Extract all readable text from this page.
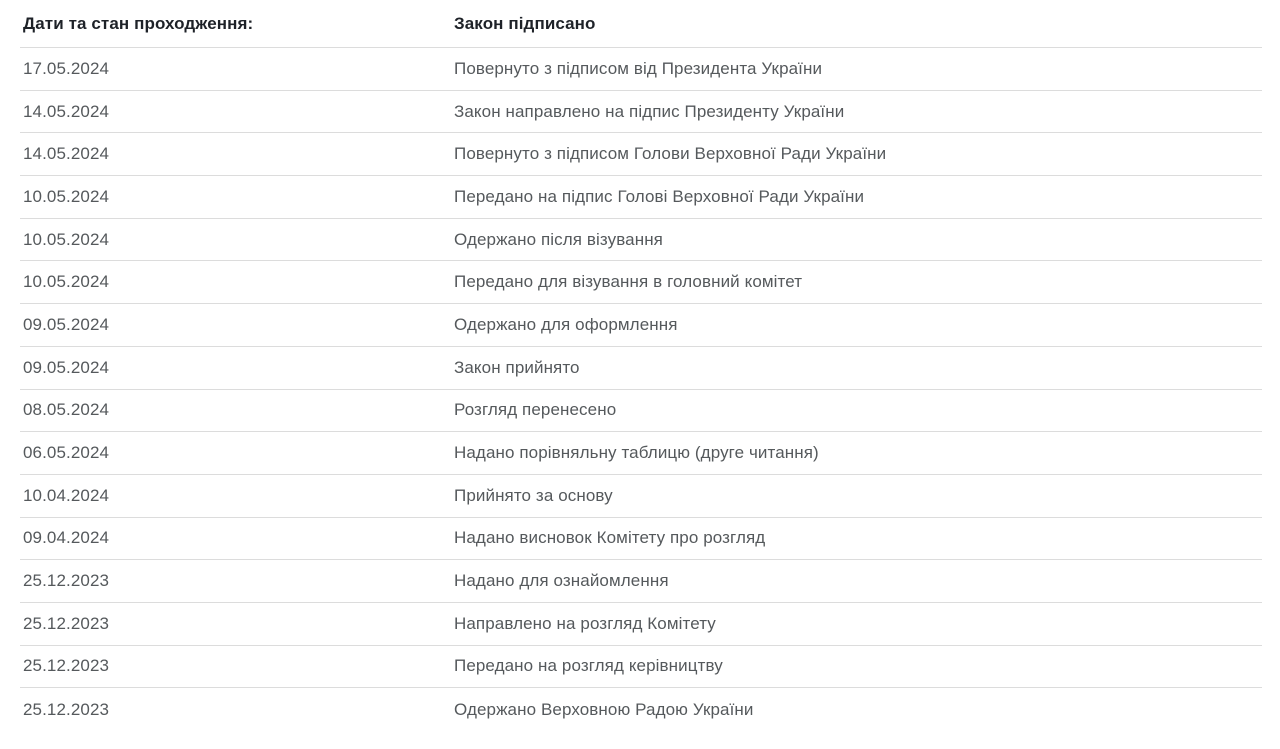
Дати та стан проходження:	Закон підписано
17.05.2024	Повернуто з підписом від Президента України
14.05.2024	Закон направлено на підпис Президенту України
14.05.2024	Повернуто з підписом Голови Верховної Ради України
10.05.2024	Передано на підпис Голові Верховної Ради України
10.05.2024	Одержано після візування
10.05.2024	Передано для візування в головний комітет
09.05.2024	Одержано для оформлення
09.05.2024	Закон прийнято
08.05.2024	Розгляд перенесено
06.05.2024	Надано порівняльну таблицю (друге читання)
10.04.2024	Прийнято за основу
09.04.2024	Надано висновок Комітету про розгляд
25.12.2023	Надано для ознайомлення
25.12.2023	Направлено на розгляд Комітету
25.12.2023	Передано на розгляд керівництву
25.12.2023	Одержано Верховною Радою України
